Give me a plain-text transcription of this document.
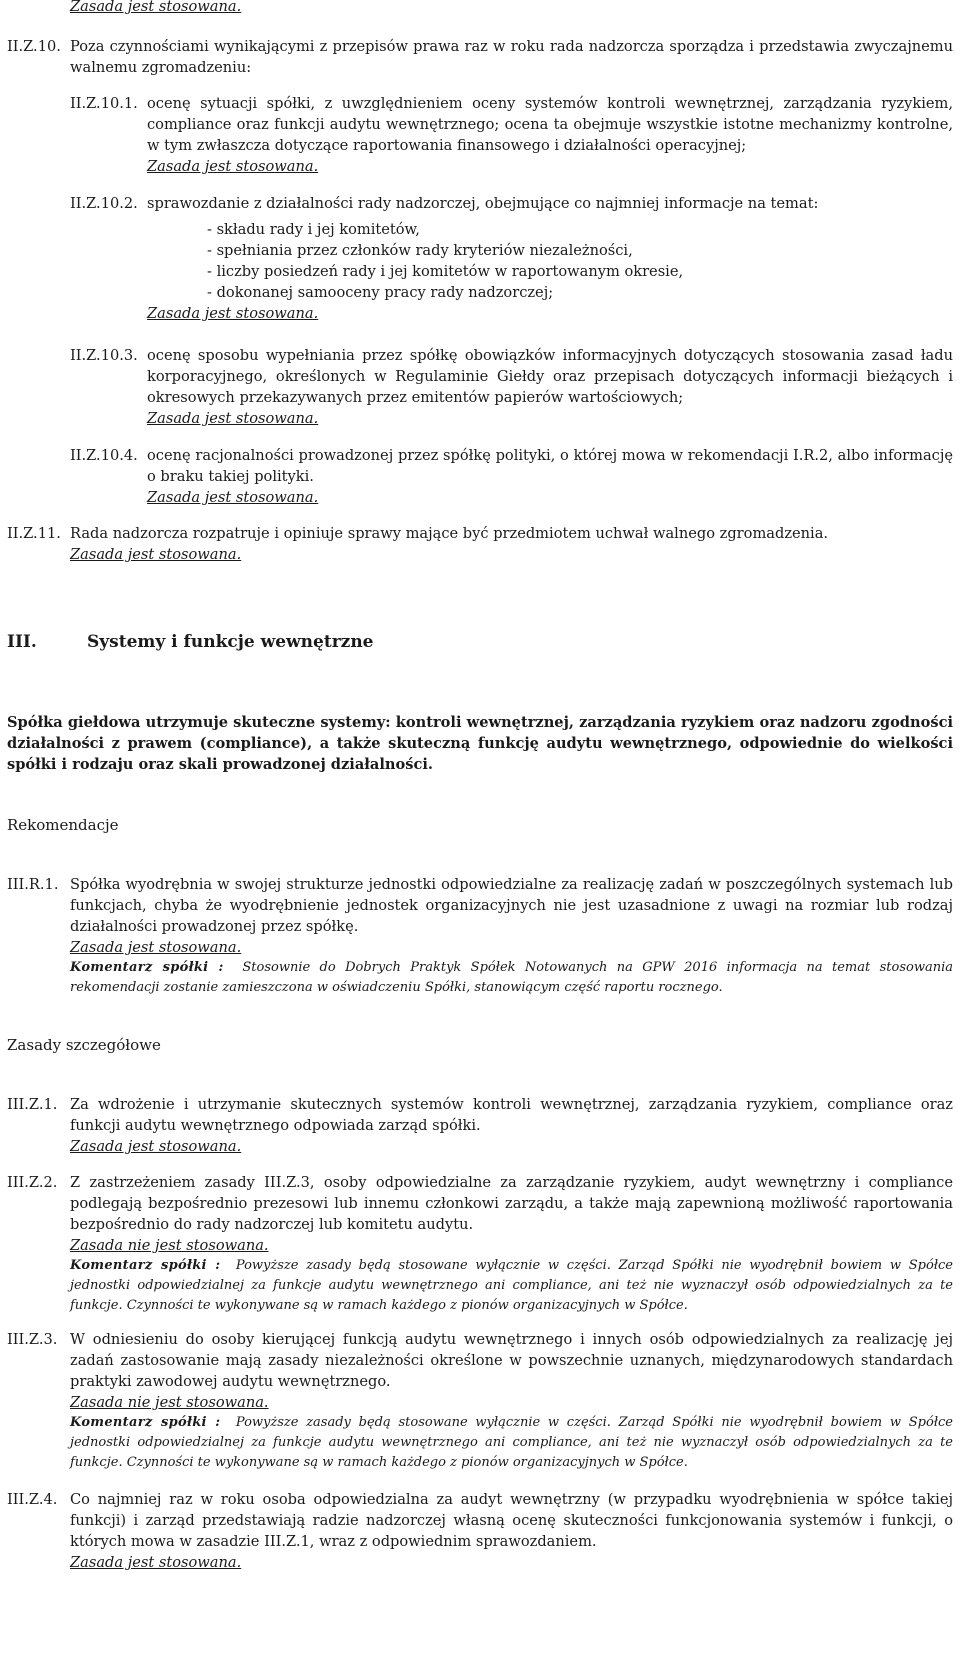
Zasada jest stosowana.
II.Z.10. Poza czynnościami wynikającymi z przepisów prawa raz w roku rada nadzorcza sporządza i przedstawia zwyczajnemu walnemu zgromadzeniu:
II.Z.10.1. ocenę sytuacji spółki, z uwzględnieniem oceny systemów kontroli wewnętrznej, zarządzania ryzykiem, compliance oraz funkcji audytu wewnętrznego; ocena ta obejmuje wszystkie istotne mechanizmy kontrolne, w tym zwłaszcza dotyczące raportowania finansowego i działalności operacyjnej;
Zasada jest stosowana.
II.Z.10.2. sprawozdanie z działalności rady nadzorczej, obejmujące co najmniej informacje na temat:
- składu rady i jej komitetów,
- spełniania przez członków rady kryteriów niezależności,
- liczby posiedzeń rady i jej komitetów w raportowanym okresie,
- dokonanej samooceny pracy rady nadzorczej;
Zasada jest stosowana.
II.Z.10.3. ocenę sposobu wypełniania przez spółkę obowiązków informacyjnych dotyczących stosowania zasad ładu korporacyjnego, określonych w Regulaminie Giełdy oraz przepisach dotyczących informacji bieżących i okresowych przekazywanych przez emitentów papierów wartościowych;
Zasada jest stosowana.
II.Z.10.4. ocenę racjonalności prowadzonej przez spółkę polityki, o której mowa w rekomendacji I.R.2, albo informację o braku takiej polityki.
Zasada jest stosowana.
II.Z.11. Rada nadzorcza rozpatruje i opiniuje sprawy mające być przedmiotem uchwał walnego zgromadzenia.
Zasada jest stosowana.
III.	Systemy i funkcje wewnętrzne
Spółka giełdowa utrzymuje skuteczne systemy: kontroli wewnętrznej, zarządzania ryzykiem oraz nadzoru zgodności działalności z prawem (compliance), a także skuteczną funkcję audytu wewnętrznego, odpowiednie do wielkości spółki i rodzaju oraz skali prowadzonej działalności.
Rekomendacje
III.R.1. Spółka wyodrębnia w swojej strukturze jednostki odpowiedzialne za realizację zadań w poszczególnych systemach lub funkcjach, chyba że wyodrębnienie jednostek organizacyjnych nie jest uzasadnione z uwagi na rozmiar lub rodzaj działalności prowadzonej przez spółkę.
Zasada jest stosowana.
Komentarz spółki : Stosownie do Dobrych Praktyk Spółek Notowanych na GPW 2016 informacja na temat stosowania rekomendacji zostanie zamieszczona w oświadczeniu Spółki, stanowiącym część raportu rocznego.
Zasady szczegółowe
III.Z.1. Za wdrożenie i utrzymanie skutecznych systemów kontroli wewnętrznej, zarządzania ryzykiem, compliance oraz funkcji audytu wewnętrznego odpowiada zarząd spółki.
Zasada jest stosowana.
III.Z.2. Z zastrzeżeniem zasady III.Z.3, osoby odpowiedzialne za zarządzanie ryzykiem, audyt wewnętrzny i compliance podlegają bezpośrednio prezesowi lub innemu członkowi zarządu, a także mają zapewnioną możliwość raportowania bezpośrednio do rady nadzorczej lub komitetu audytu.
Zasada nie jest stosowana.
Komentarz spółki : Powyższe zasady będą stosowane wyłącznie w części. Zarząd Spółki nie wyodrębnił bowiem w Spółce jednostki odpowiedzialnej za funkcje audytu wewnętrznego ani compliance, ani też nie wyznaczył osób odpowiedzialnych za te funkcje. Czynności te wykonywane są w ramach każdego z pionów organizacyjnych w Spółce.
III.Z.3. W odniesieniu do osoby kierującej funkcją audytu wewnętrznego i innych osób odpowiedzialnych za realizację jej zadań zastosowanie mają zasady niezależności określone w powszechnie uznanych, międzynarodowych standardach praktyki zawodowej audytu wewnętrznego.
Zasada nie jest stosowana.
Komentarz spółki : Powyższe zasady będą stosowane wyłącznie w części. Zarząd Spółki nie wyodrębnił bowiem w Spółce jednostki odpowiedzialnej za funkcje audytu wewnętrznego ani compliance, ani też nie wyznaczył osób odpowiedzialnych za te funkcje. Czynności te wykonywane są w ramach każdego z pionów organizacyjnych w Spółce.
III.Z.4. Co najmniej raz w roku osoba odpowiedzialna za audyt wewnętrzny (w przypadku wyodrębnienia w spółce takiej funkcji) i zarząd przedstawiają radzie nadzorczej własną ocenę skuteczności funkcjonowania systemów i funkcji, o których mowa w zasadzie III.Z.1, wraz z odpowiednim sprawozdaniem.
Zasada jest stosowana.
